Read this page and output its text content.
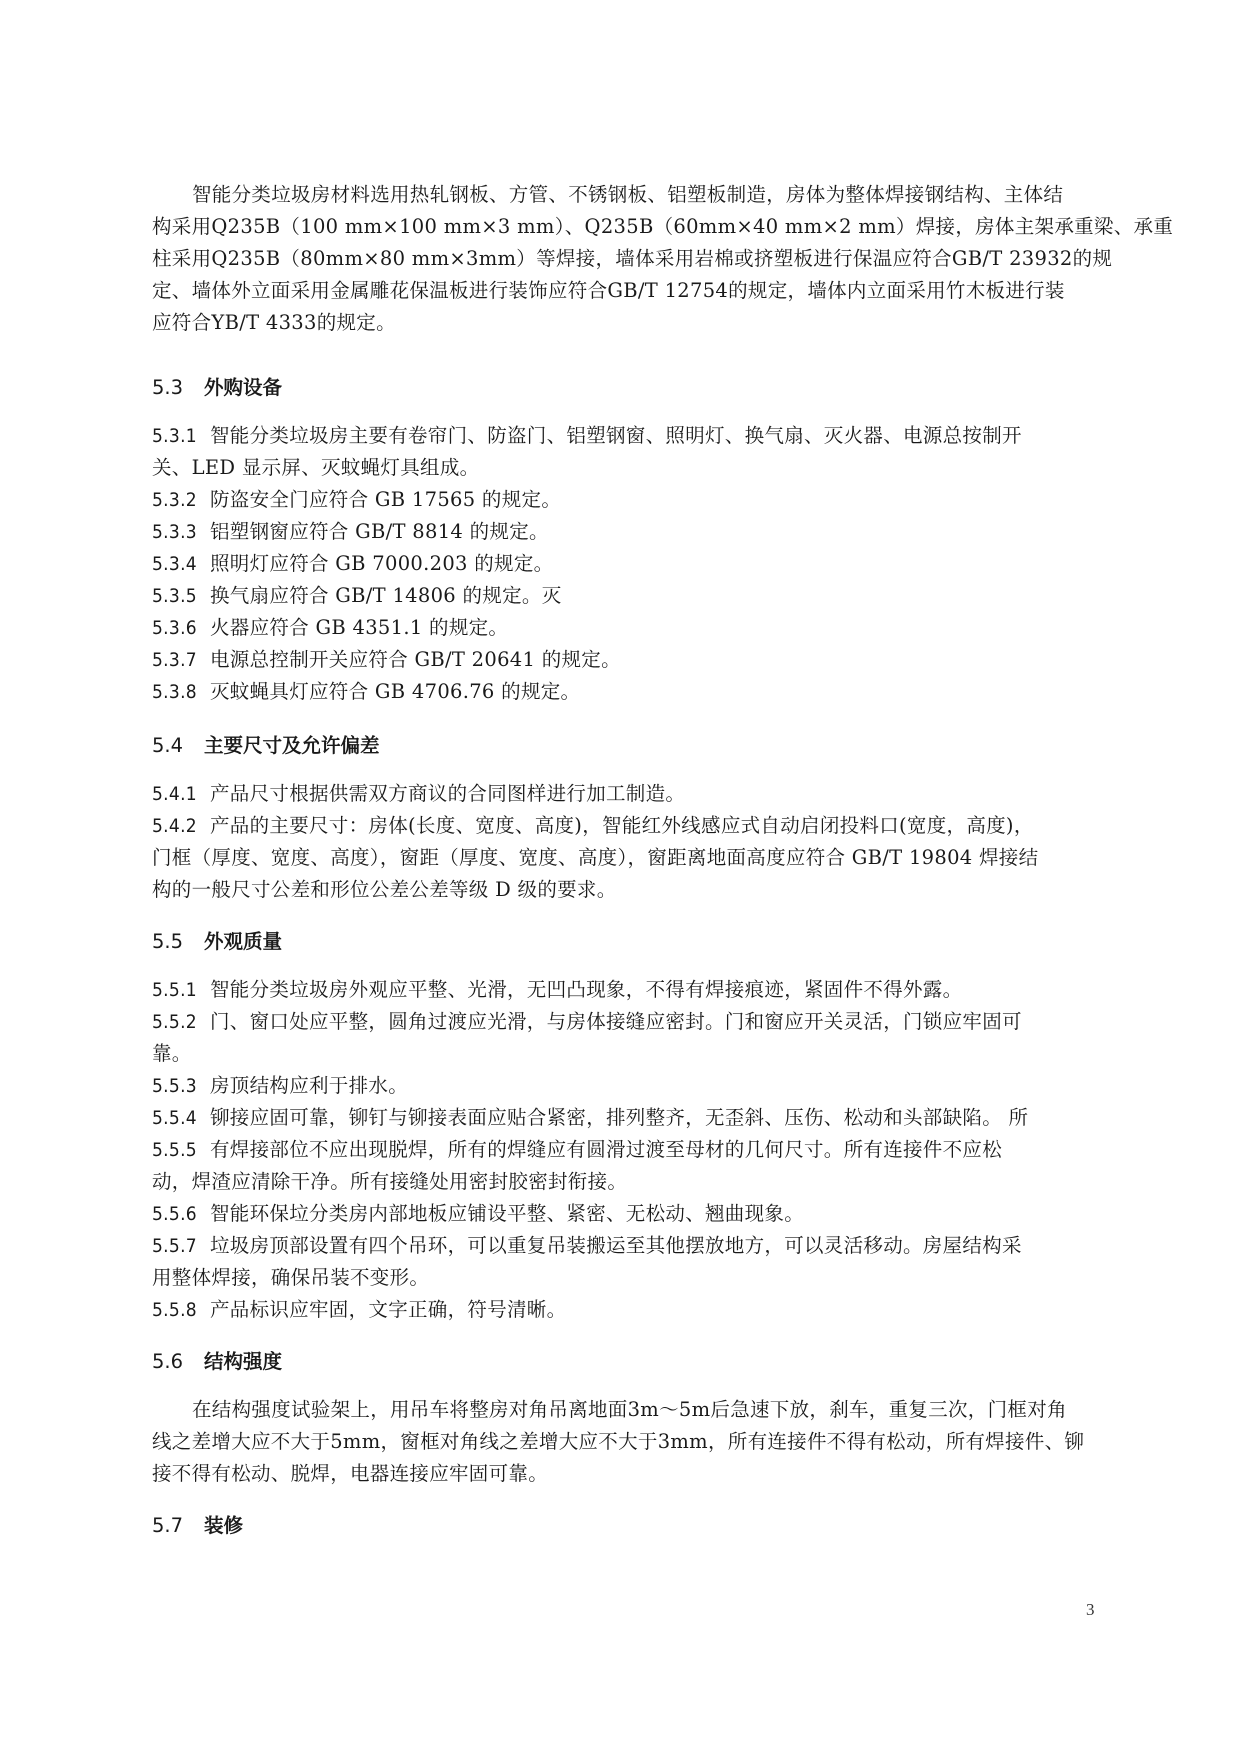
智能分类垃圾房材料选用热轧钢板、方管、不锈钢板、铝塑板制造，房体为整体焊接钢结构、主体结
构采用Q235B（100 mm×100 mm×3 mm）、Q235B（60mm×40 mm×2 mm）焊接，房体主架承重梁、承重
柱采用Q235B（80mm×80 mm×3mm）等焊接，墙体采用岩棉或挤塑板进行保温应符合GB/T 23932的规
定、墙体外立面采用金属雕花保温板进行装饰应符合GB/T 12754的规定，墙体内立面采用竹木板进行装
应符合YB/T 4333的规定。
5.3 外购设备
5.3.1 智能分类垃圾房主要有卷帘门、防盗门、铝塑钢窗、照明灯、换气扇、灭火器、电源总按制开
关、LED 显示屏、灭蚊蝇灯具组成。
5.3.2 防盗安全门应符合 GB 17565 的规定。
5.3.3 铝塑钢窗应符合 GB/T 8814 的规定。
5.3.4 照明灯应符合 GB 7000.203 的规定。
5.3.5 换气扇应符合 GB/T 14806 的规定。灭
5.3.6 火器应符合 GB 4351.1 的规定。
5.3.7 电源总控制开关应符合 GB/T 20641 的规定。
5.3.8 灭蚊蝇具灯应符合 GB 4706.76 的规定。
5.4 主要尺寸及允许偏差
5.4.1 产品尺寸根据供需双方商议的合同图样进行加工制造。
5.4.2 产品的主要尺寸：房体(长度、宽度、高度)，智能红外线感应式自动启闭投料口(宽度，高度)，
门框（厚度、宽度、高度），窗距（厚度、宽度、高度），窗距离地面高度应符合 GB/T 19804 焊接结
构的一般尺寸公差和形位公差公差等级 D 级的要求。
5.5 外观质量
5.5.1 智能分类垃圾房外观应平整、光滑，无凹凸现象，不得有焊接痕迹，紧固件不得外露。
5.5.2 门、窗口处应平整，圆角过渡应光滑，与房体接缝应密封。门和窗应开关灵活，门锁应牢固可
靠。
5.5.3 房顶结构应利于排水。
5.5.4 铆接应固可靠，铆钉与铆接表面应贴合紧密，排列整齐，无歪斜、压伤、松动和头部缺陷。 所
5.5.5 有焊接部位不应出现脱焊，所有的焊缝应有圆滑过渡至母材的几何尺寸。所有连接件不应松
动，焊渣应清除干净。所有接缝处用密封胶密封衔接。
5.5.6 智能环保垃分类房内部地板应铺设平整、紧密、无松动、翘曲现象。
5.5.7 垃圾房顶部设置有四个吊环，可以重复吊装搬运至其他摆放地方，可以灵活移动。房屋结构采
用整体焊接，确保吊装不变形。
5.5.8 产品标识应牢固，文字正确，符号清晰。
5.6 结构强度
在结构强度试验架上，用吊车将整房对角吊离地面3m～5m后急速下放，刹车，重复三次，门框对角
线之差增大应不大于5mm，窗框对角线之差增大应不大于3mm，所有连接件不得有松动，所有焊接件、铆
接不得有松动、脱焊，电器连接应牢固可靠。
5.7 装修
3
